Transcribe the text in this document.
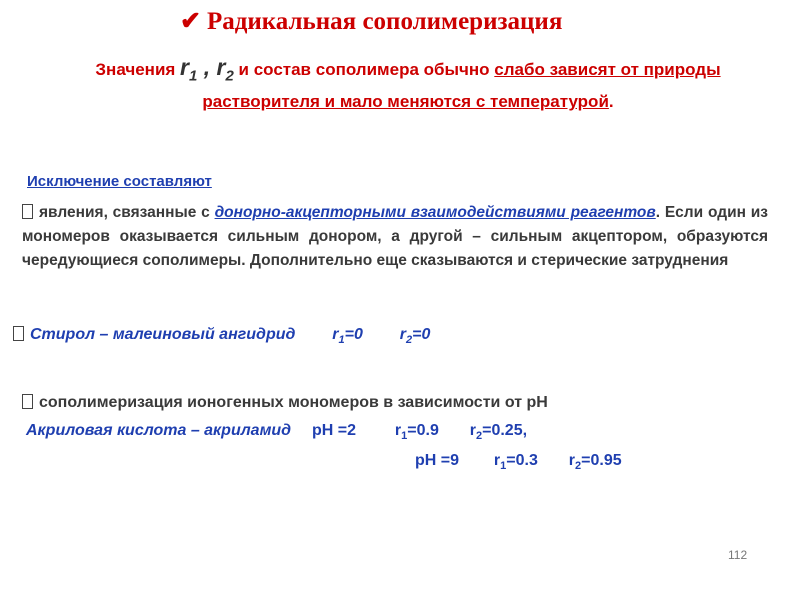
✔ Радикальная сополимеризация
Значения $r_1$ , $r_2$ и состав сополимера обычно слабо зависят от природы растворителя и мало меняются с температурой.
Исключение составляют
явления, связанные с донорно-акцепторными взаимодействиями реагентов. Если один из мономеров оказывается сильным донором, а другой – сильным акцептором, образуются чередующиеся сополимеры. Дополнительно еще сказываются и стерические затруднения
Стирол – малеиновый ангидрид $r_1=0$ $r_2=0$
сополимеризация ионогенных мономеров в зависимости от рН
Акриловая кислота – акриламид pH =2 $r_1=0.9$ $r_2=0.25$,
pH =9 $r_1=0.3$ $r_2=0.95$
112
